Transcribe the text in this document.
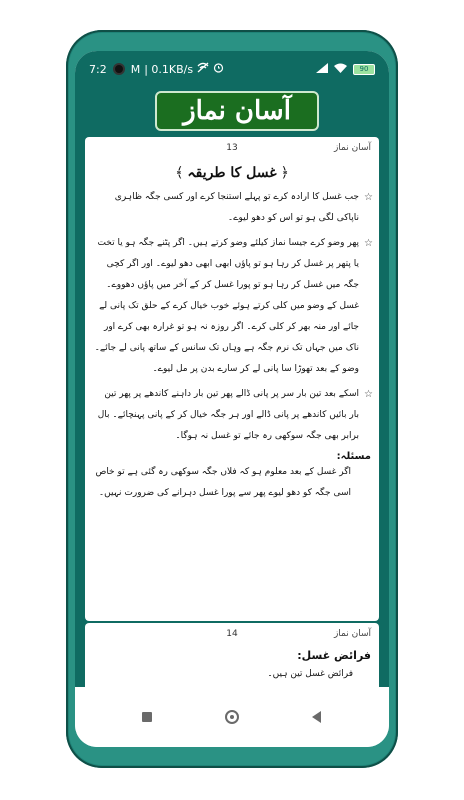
7:2 M | 0.1KB/s	90
آسان نماز
آسان نماز
13
﴿غسل کا طریقہ﴾
☆
جب غسل کا ارادہ کرے تو پہلے استنجا کرے اور کسی جگہ ظاہری ناپاکی لگی ہو تو اس کو دھو لیوے۔
☆
پھر وضو کرے جیسا نماز کیلئے وضو کرتے ہیں۔ اگر پٹنے جگہ ہو یا تخت یا پتھر پر غسل کر رہا ہو تو پاؤں ابھی ابھی دھو لیوے۔ اور اگر کچی جگہ میں غسل کر رہا ہو تو پورا غسل کر کے آخر میں پاؤں دھووے۔ غسل کے وضو میں کلی کرتے ہوئے خوب خیال کرے کے حلق تک پانی لے جائے اور منہ بھر کر کلی کرے۔ اگر روزہ نہ ہو تو غرارہ بھی کرے اور ناک میں جہاں تک نرم جگہ ہے وہاں تک سانس کے ساتھ پانی لے جائے۔ وضو کے بعد تھوڑا سا پانی لے کر سارے بدن پر مل لیوے۔
☆
اسکے بعد تین بار سر پر پانی ڈالے پھر تین بار داہنے کاندھے پر پھر تین بار بائیں کاندھے پر پانی ڈالے اور ہر جگہ خیال کر کے پانی پہنچائے۔ بال برابر بھی جگہ سوکھی رہ جائے تو غسل نہ ہوگا۔
مسئلہ:
اگر غسل کے بعد معلوم ہو کہ فلاں جگہ سوکھی رہ گئی ہے تو خاص اسی جگہ کو دھو لیوے پھر سے پورا غسل دہرانے کی ضرورت نہیں۔
آسان نماز
14
فرائض غسل:
فرائض غسل تین ہیں۔
